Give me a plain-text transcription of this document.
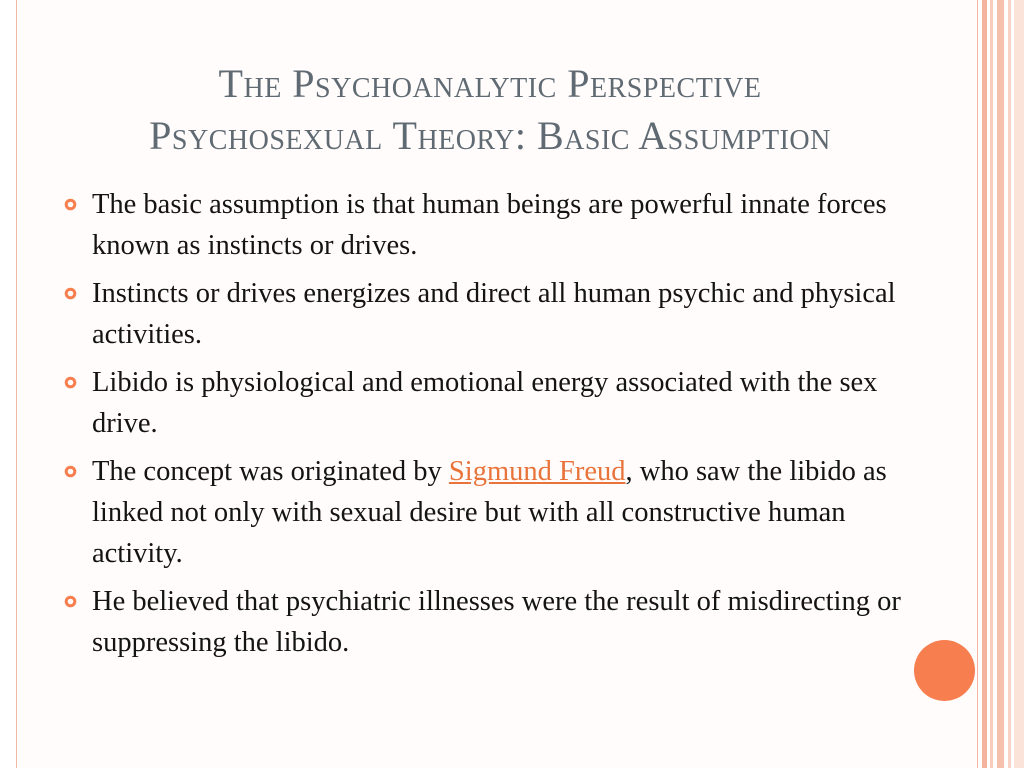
The Psychoanalytic Perspective
Psychosexual Theory: Basic Assumption
The basic assumption is that human beings are powerful innate forces known as instincts or drives.
Instincts or drives energizes and direct all human psychic and physical activities.
Libido is physiological and emotional energy associated with the sex drive.
The concept was originated by Sigmund Freud, who saw the libido as linked not only with sexual desire but with all constructive human activity.
He believed that psychiatric illnesses were the result of misdirecting or suppressing the libido.
